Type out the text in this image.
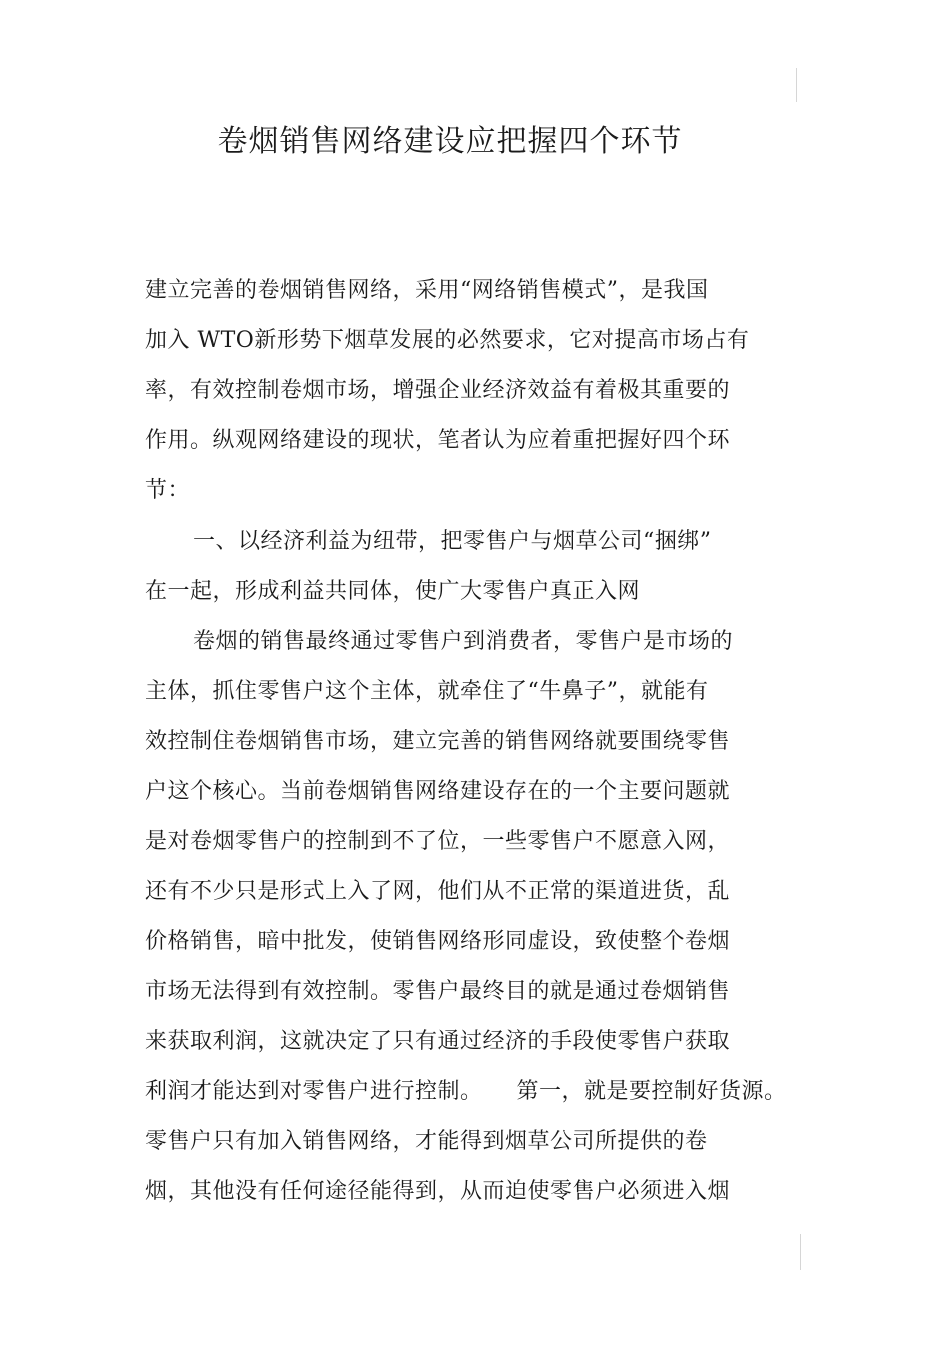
卷烟销售网络建设应把握四个环节
建立完善的卷烟销售网络，采用“网络销售模式”，是我国
加入 WTO新形势下烟草发展的必然要求，它对提高市场占有
率，有效控制卷烟市场，增强企业经济效益有着极其重要的
作用。纵观网络建设的现状，笔者认为应着重把握好四个环
节：
一、以经济利益为纽带，把零售户与烟草公司“捆绑”
在一起，形成利益共同体，使广大零售户真正入网
卷烟的销售最终通过零售户到消费者，零售户是市场的
主体，抓住零售户这个主体，就牵住了“牛鼻子”，就能有
效控制住卷烟销售市场，建立完善的销售网络就要围绕零售
户这个核心。当前卷烟销售网络建设存在的一个主要问题就
是对卷烟零售户的控制到不了位，一些零售户不愿意入网，
还有不少只是形式上入了网，他们从不正常的渠道进货，乱
价格销售，暗中批发，使销售网络形同虚设，致使整个卷烟
市场无法得到有效控制。零售户最终目的就是通过卷烟销售
来获取利润，这就决定了只有通过经济的手段使零售户获取
利润才能达到对零售户进行控制。　　第一，就是要控制好货源。
零售户只有加入销售网络，才能得到烟草公司所提供的卷
烟，其他没有任何途径能得到，从而迫使零售户必须进入烟
